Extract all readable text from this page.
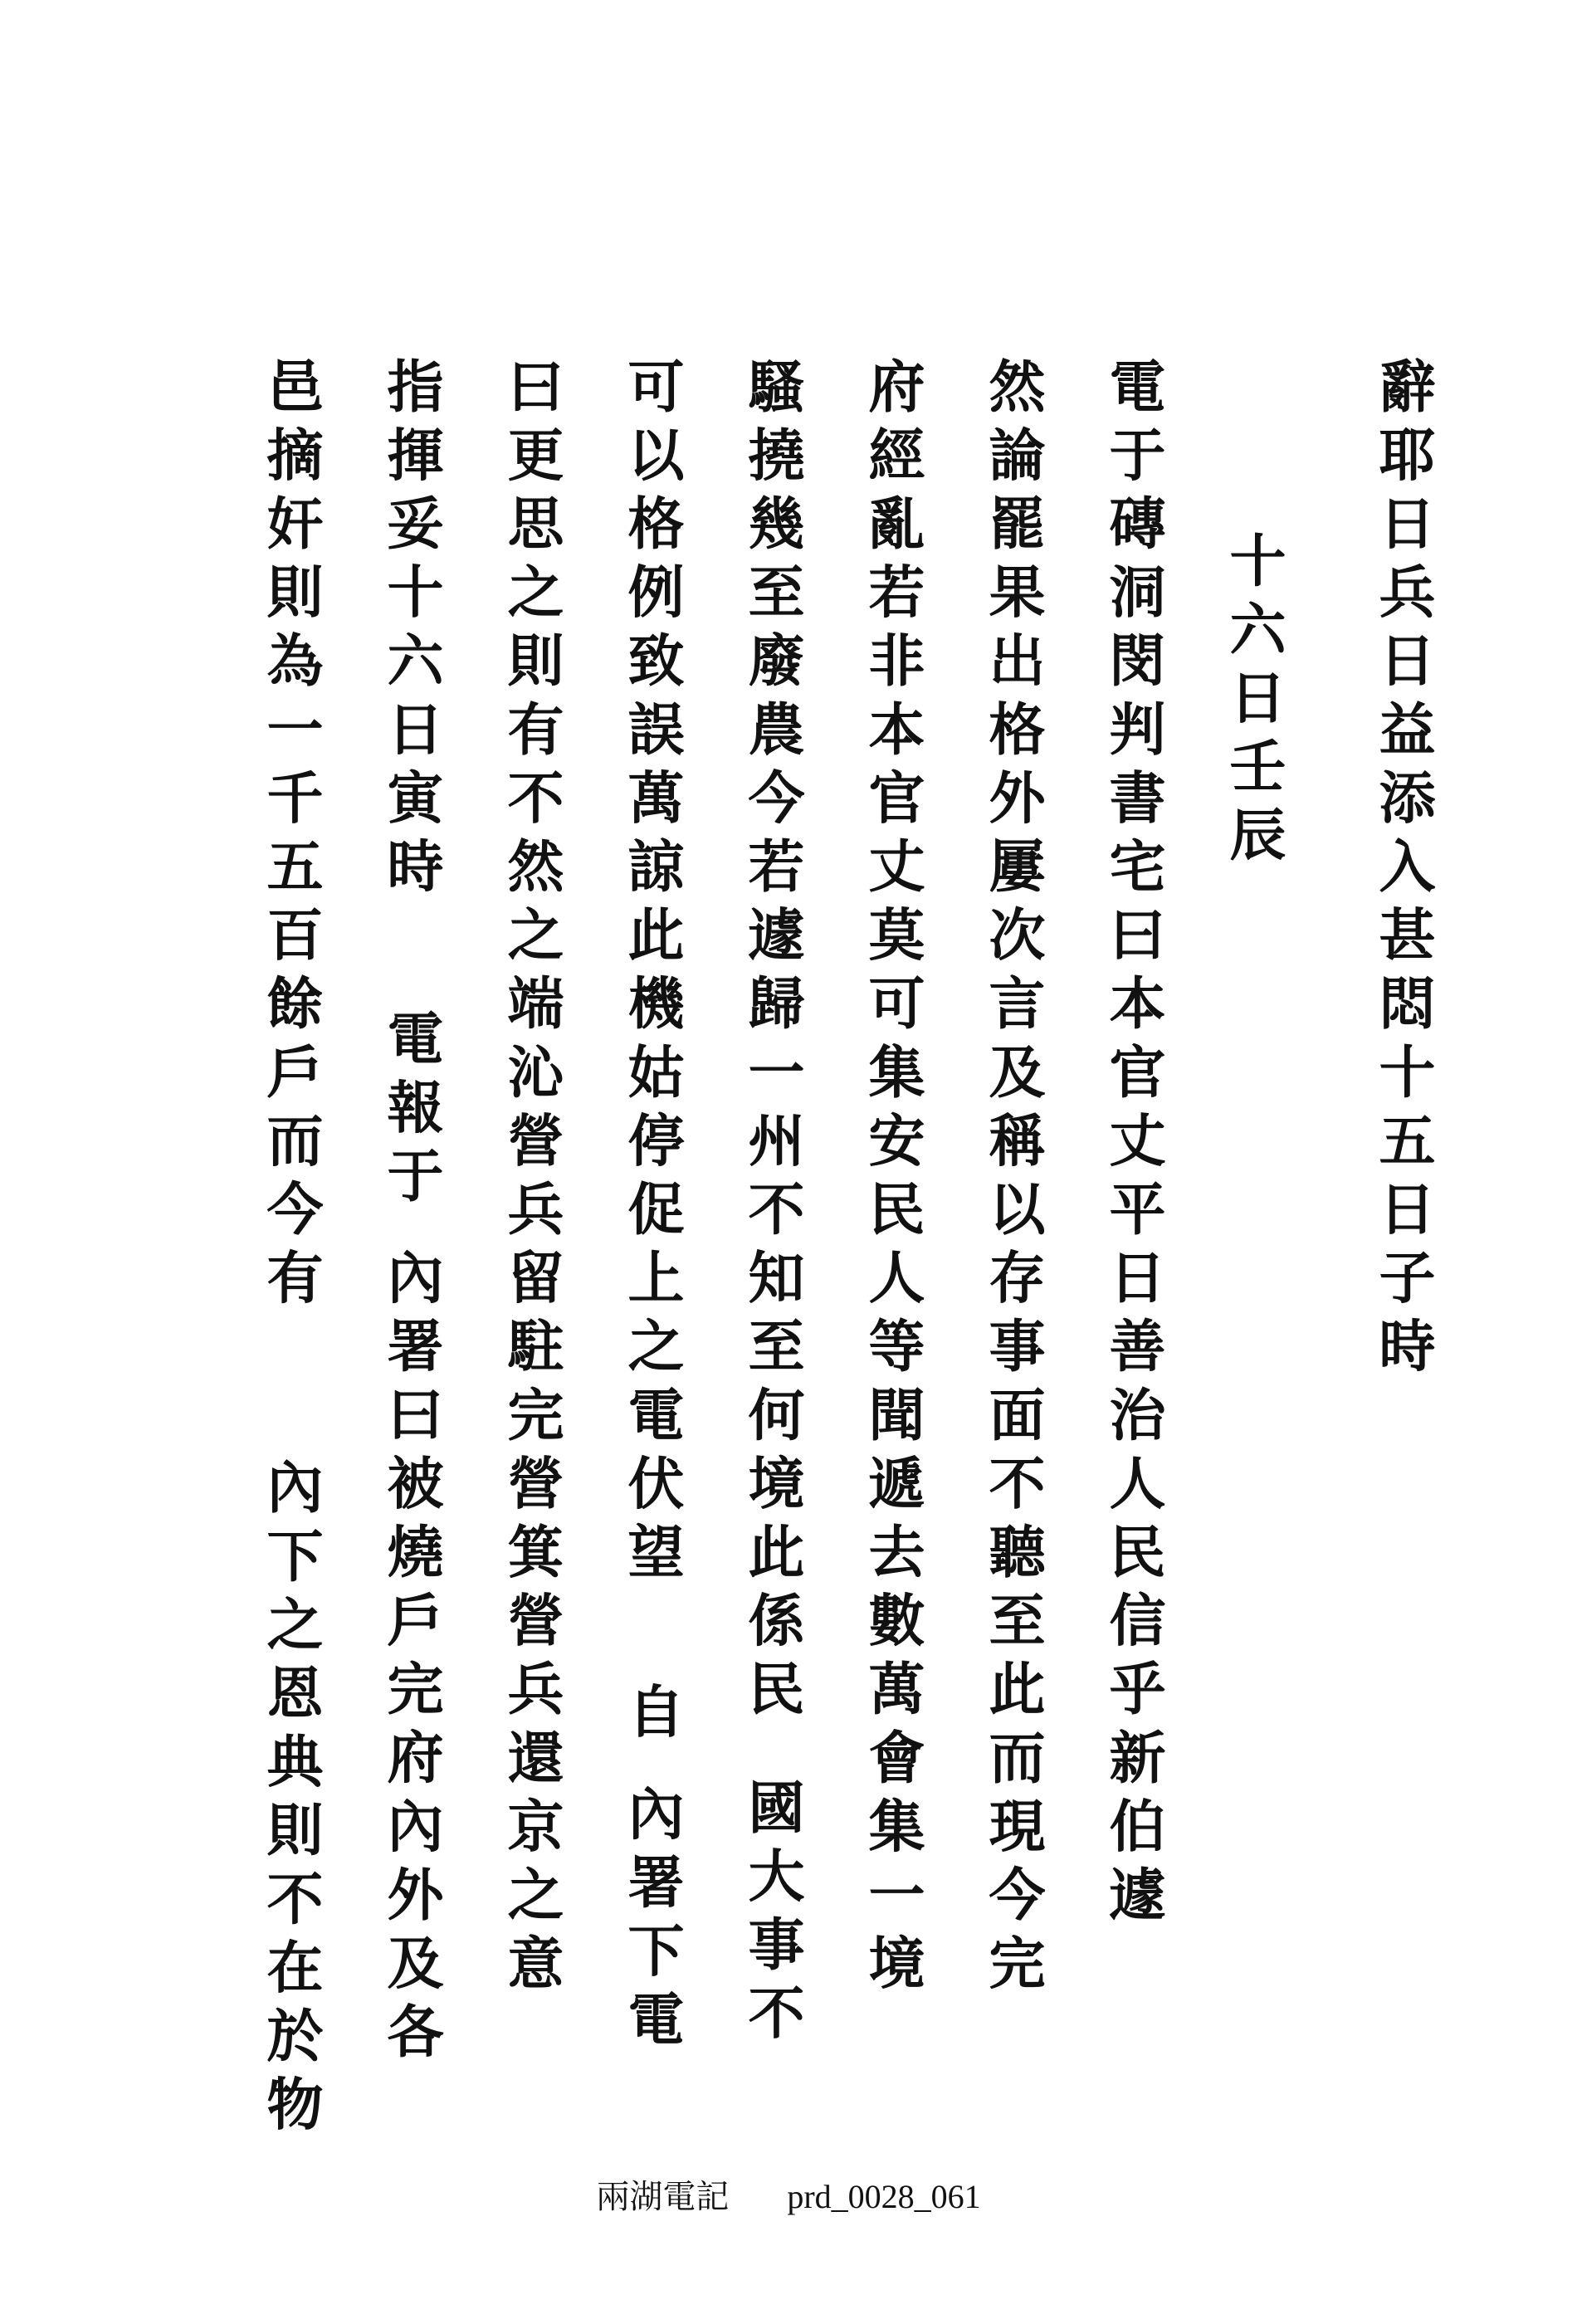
辭耶日兵日益添入甚悶十五日子時
十六日壬辰
電于磚洞閔判書宅曰本官丈平日善治人民信乎新伯遽
然論罷果出格外屢次言及稱以存事面不聽至此而現今完
府經亂若非本官丈莫可集安民人等聞遞去數萬會集一境
騷撓幾至廢農今若遽歸一州不知至何境此係民國大事不
可以格例致誤萬諒此機姑停促上之電伏望自內署下電
曰更思之則有不然之端沁營兵留駐完營箕營兵還京之意
指揮妥十六日寅時電報于內署曰被燒戶完府內外及各
邑摘奸則為一千五百餘戶而今有內下之恩典則不在於物
兩湖電記 prd_0028_061
